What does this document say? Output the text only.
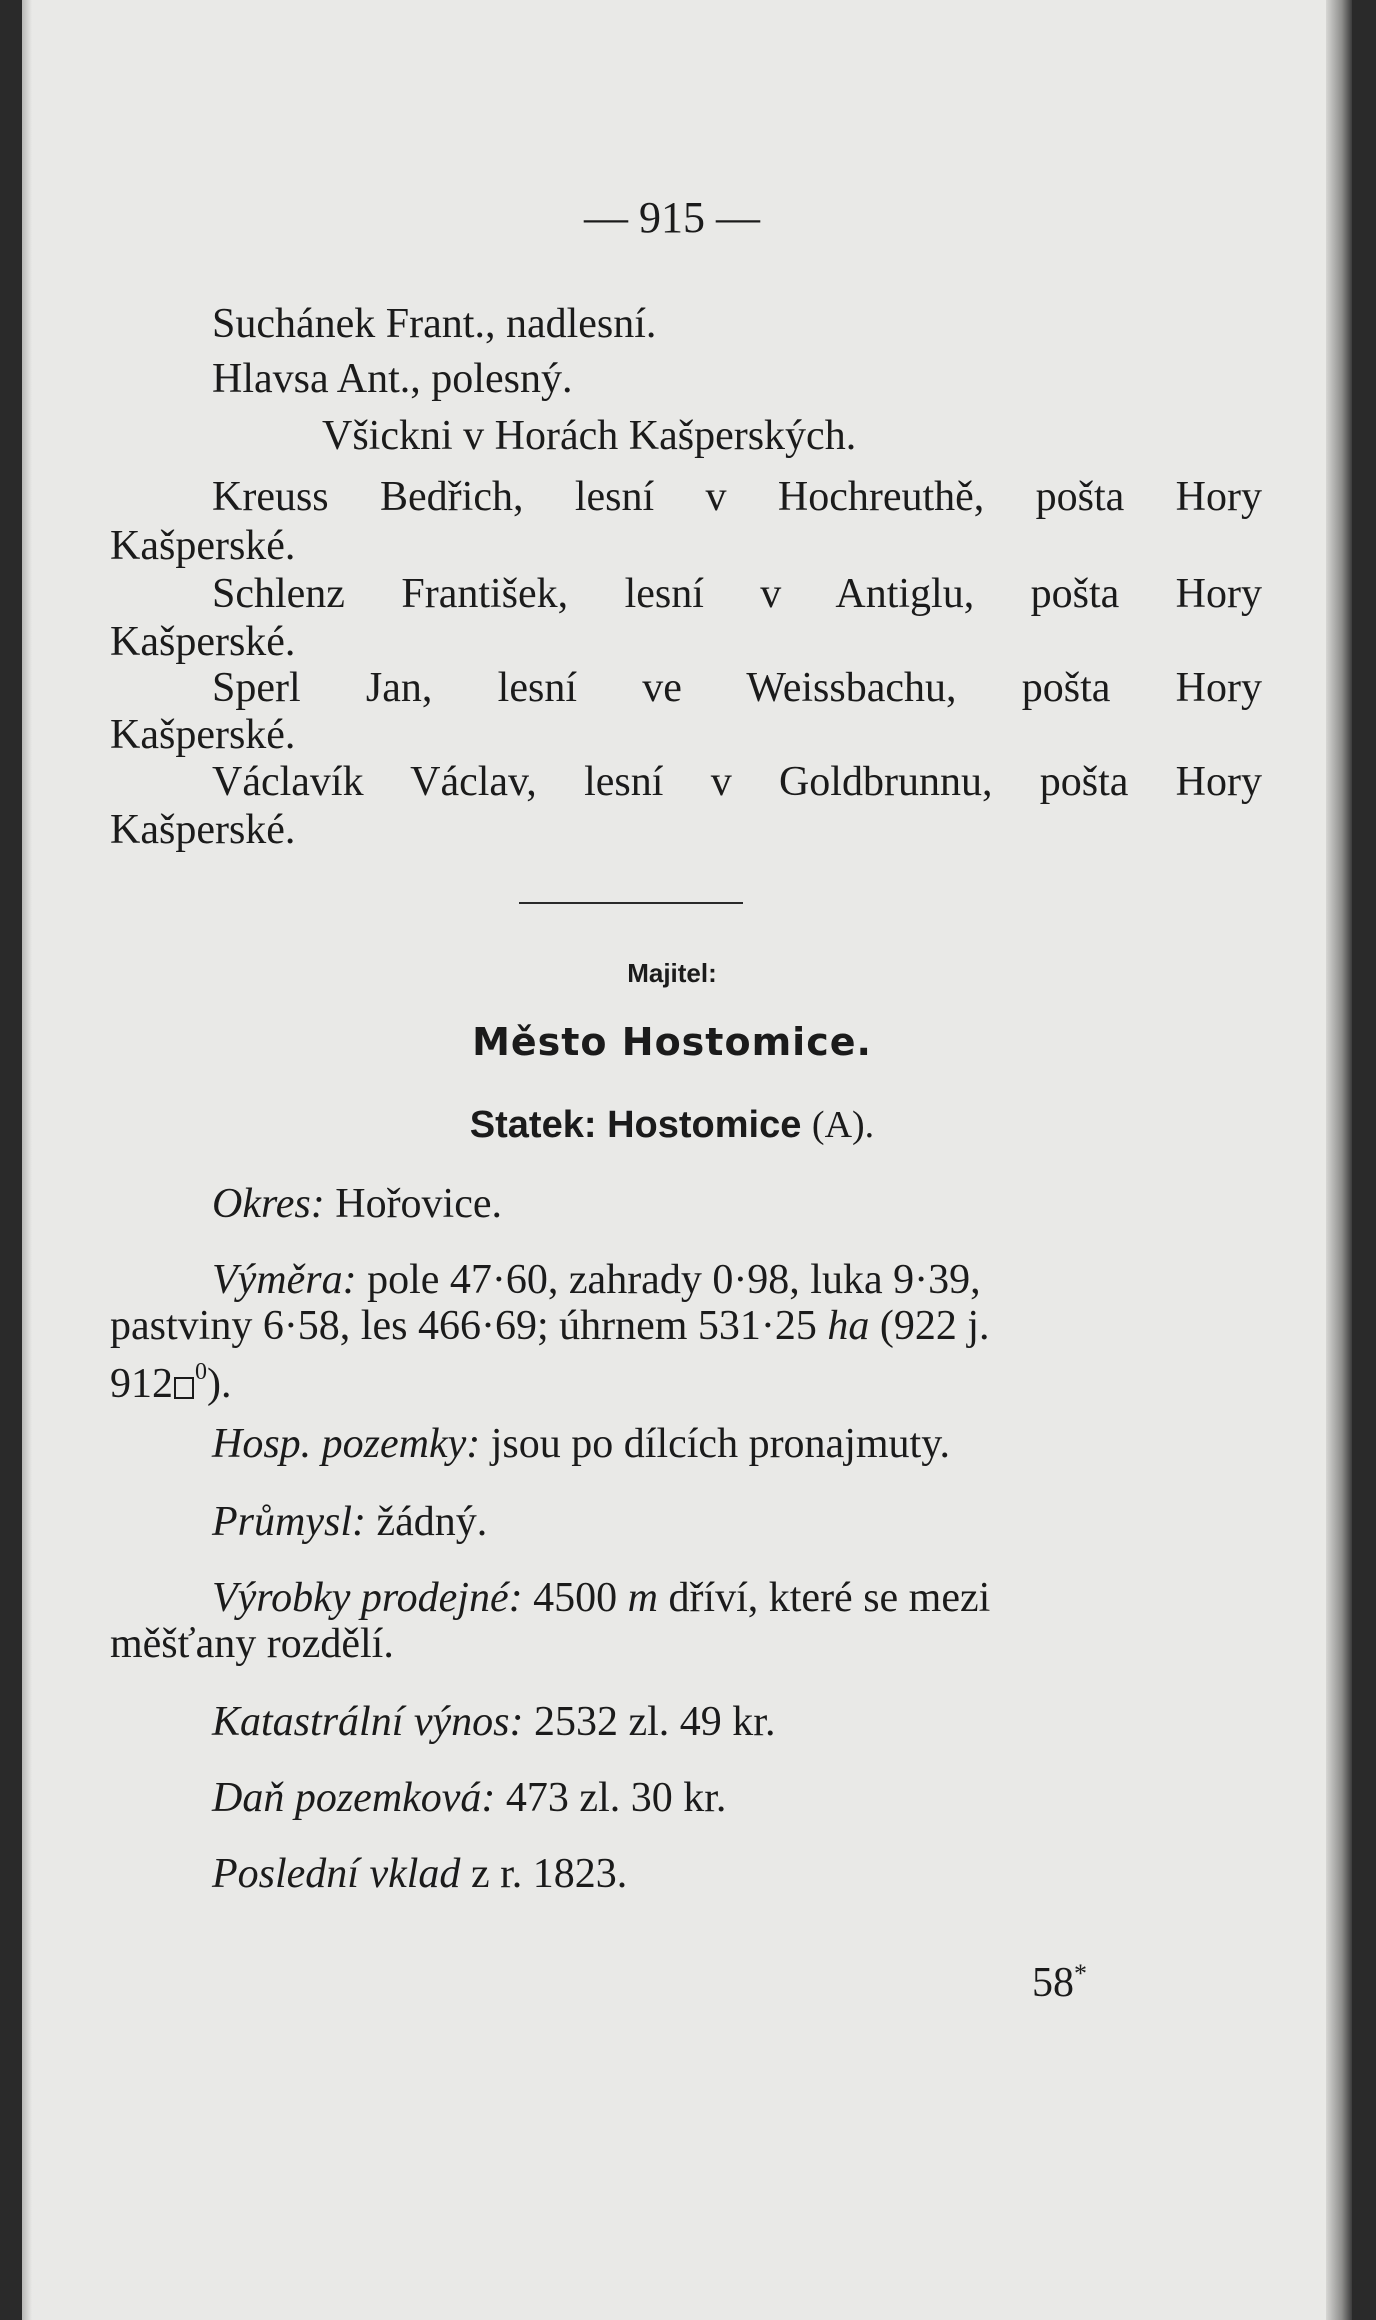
— 915 —
Suchánek Frant., nadlesní.
Hlavsa Ant., polesný.
Všickni v Horách Kašperských.
Kreuss Bedřich, lesní v Hochreuthě, pošta Hory
Kašperské.
Schlenz František, lesní v Antiglu, pošta Hory
Kašperské.
Sperl Jan, lesní ve Weissbachu, pošta Hory
Kašperské.
Václavík Václav, lesní v Goldbrunnu, pošta Hory
Kašperské.
Majitel:
Město Hostomice.
Statek: Hostomice (A).
Okres: Hořovice.
Výměra: pole 47·60, zahrady 0·98, luka 9·39,
pastviny 6·58, les 466·69; úhrnem 531·25 ha (922 j.
912 $^0$).
Hosp. pozemky: jsou po dílcích pronajmuty.
Průmysl: žádný.
Výrobky prodejné: 4500 m dříví, které se mezi
měšťany rozdělí.
Katastrální výnos: 2532 zl. 49 kr.
Daň pozemková: 473 zl. 30 kr.
Poslední vklad z r. 1823.
58*
